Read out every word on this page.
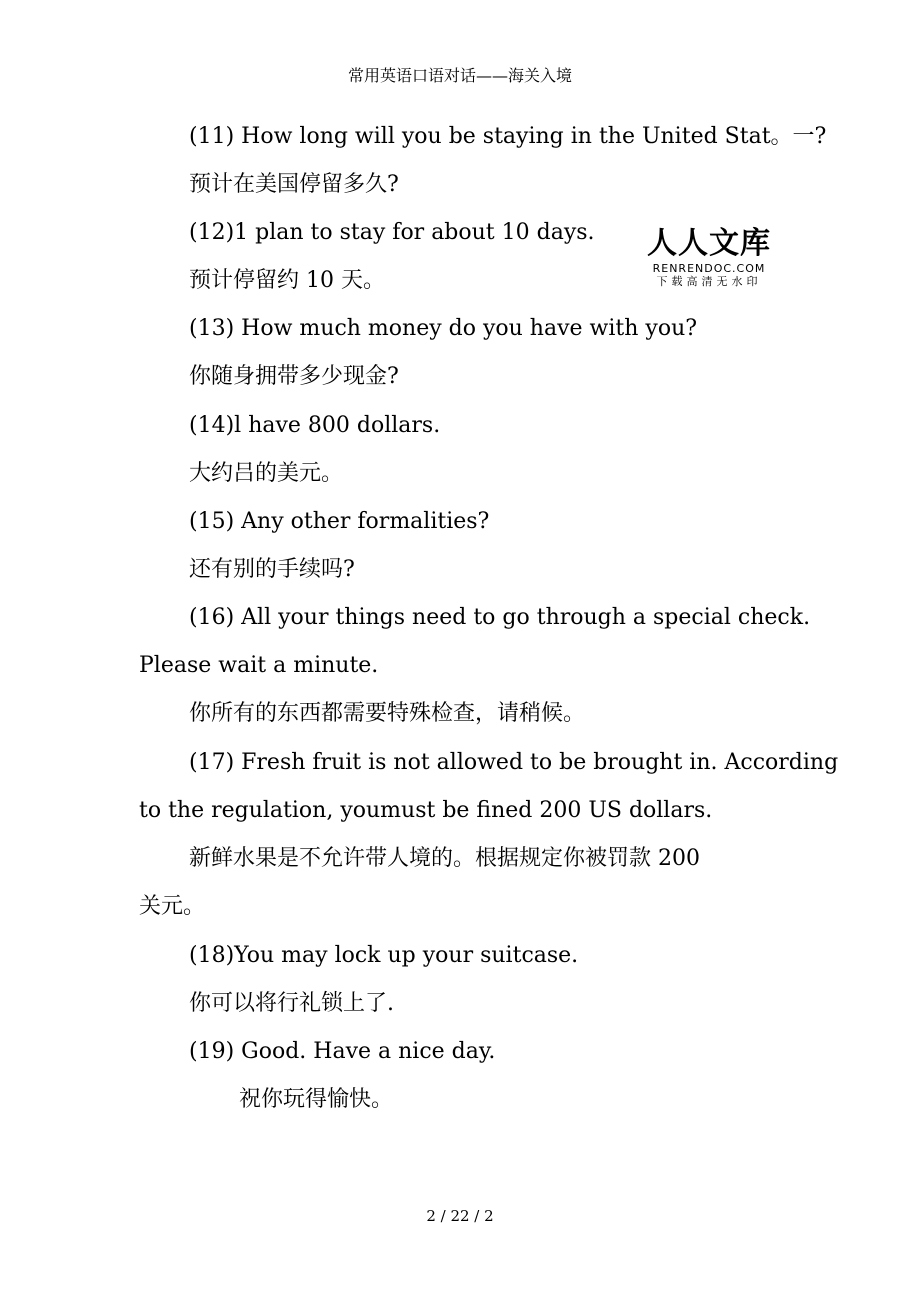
常用英语口语对话——海关入境
人人文库
RENRENDOC.COM
下载高清无水印
(11) How long will you be staying in the United Stat。一?
预计在美国停留多久?
(12)1 plan to stay for about 10 days.
预计停留约 10 天。
(13) How much money do you have with you?
你随身拥带多少现金?
(14)l have 800 dollars.
大约吕的美元。
(15) Any other formalities?
还有别的手续吗?
(16) All your things need to go through a special check.
Please wait a minute.
你所有的东西都需要特殊检查，请稍候。
(17) Fresh fruit is not allowed to be brought in. According
to the regulation, youmust be fined 200 US dollars.
新鲜水果是不允许带人境的。根据规定你被罚款 200
关元。
(18)You may lock up your suitcase.
你可以将行礼锁上了.
(19) Good. Have a nice day.
祝你玩得愉快。
2 / 22 / 2
